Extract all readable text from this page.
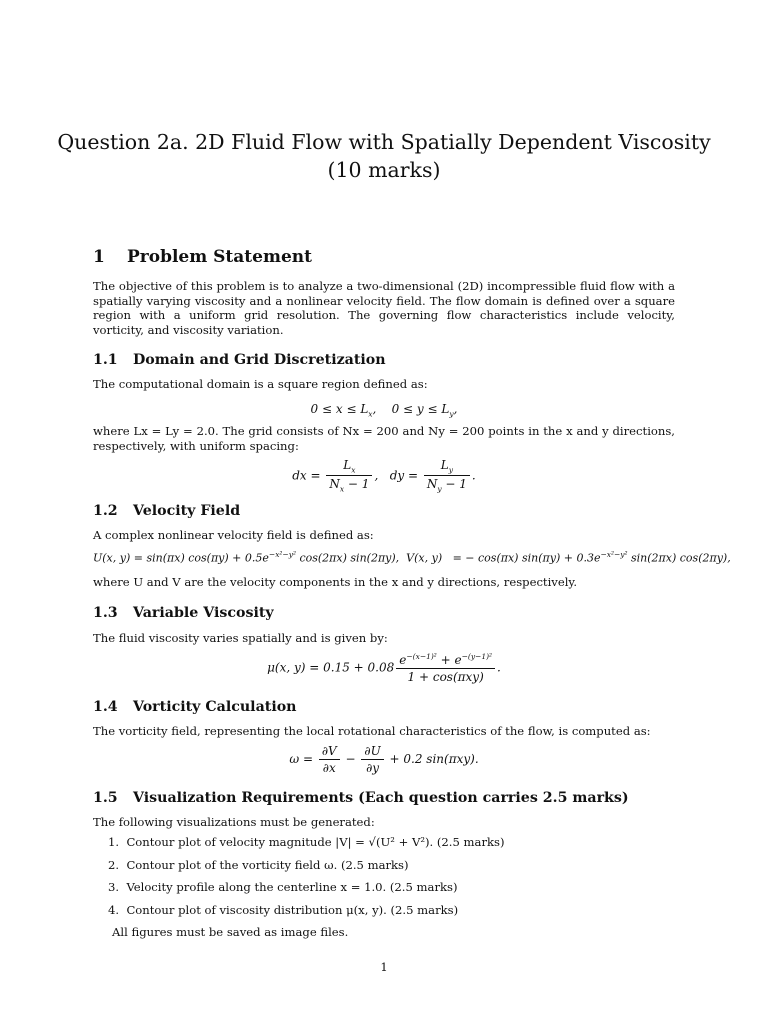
Question 2a. 2D Fluid Flow with Spatially Dependent Viscosity
(10 marks)
1 Problem Statement
The objective of this problem is to analyze a two-dimensional (2D) incompressible fluid flow with a spatially varying viscosity and a nonlinear velocity field. The flow domain is defined over a square region with a uniform grid resolution. The governing flow characteristics include velocity, vorticity, and viscosity variation.
1.1 Domain and Grid Discretization
The computational domain is a square region defined as:
$0 \le x \le L_x$,    $0 \le y \le L_y$,
where Lx = Ly = 2.0. The grid consists of Nx = 200 and Ny = 200 points in the x and y directions, respectively, with uniform spacing:
dx = $\frac{L_x}{N_x - 1}$ ,   dy = $\frac{L_y}{N_y - 1}$ .
1.2 Velocity Field
A complex nonlinear velocity field is defined as:
U(x, y) = sin(πx) $\cos(\pi y) + 0.5e^{-x^2-y^2}$ cos(2πx) sin(2πy),  V(x, y)   = − cos(πx) $\sin(\pi y) + 0.3e^{-x^2-y^2}$ sin(2πx) cos(2πy),
where U and V are the velocity components in the x and y directions, respectively.
1.3 Variable Viscosity
The fluid viscosity varies spatially and is given by:
μ(x, $y) = 0.15 + 0.08 \frac{e^{-(x-1)^2} + e^{-(y-1)^2}}{\text{1 + cos(πxy)}}$ .
1.4 Vorticity Calculation
The vorticity field, representing the local rotational characteristics of the flow, is computed as:
$\omega = \frac{\partial V}{\partial x} - \frac{\partial U}{\partial y} + 0.2$ sin(πxy).
1.5 Visualization Requirements (Each question carries 2.5 marks)
The following visualizations must be generated:
1.  Contour plot of velocity magnitude |V| = √(U² + V²). (2.5 marks)
2.  Contour plot of the vorticity field ω. (2.5 marks)
3.  Velocity profile along the centerline x = 1.0. (2.5 marks)
4.  Contour plot of viscosity distribution μ(x, y). (2.5 marks)
All figures must be saved as image files.
1
